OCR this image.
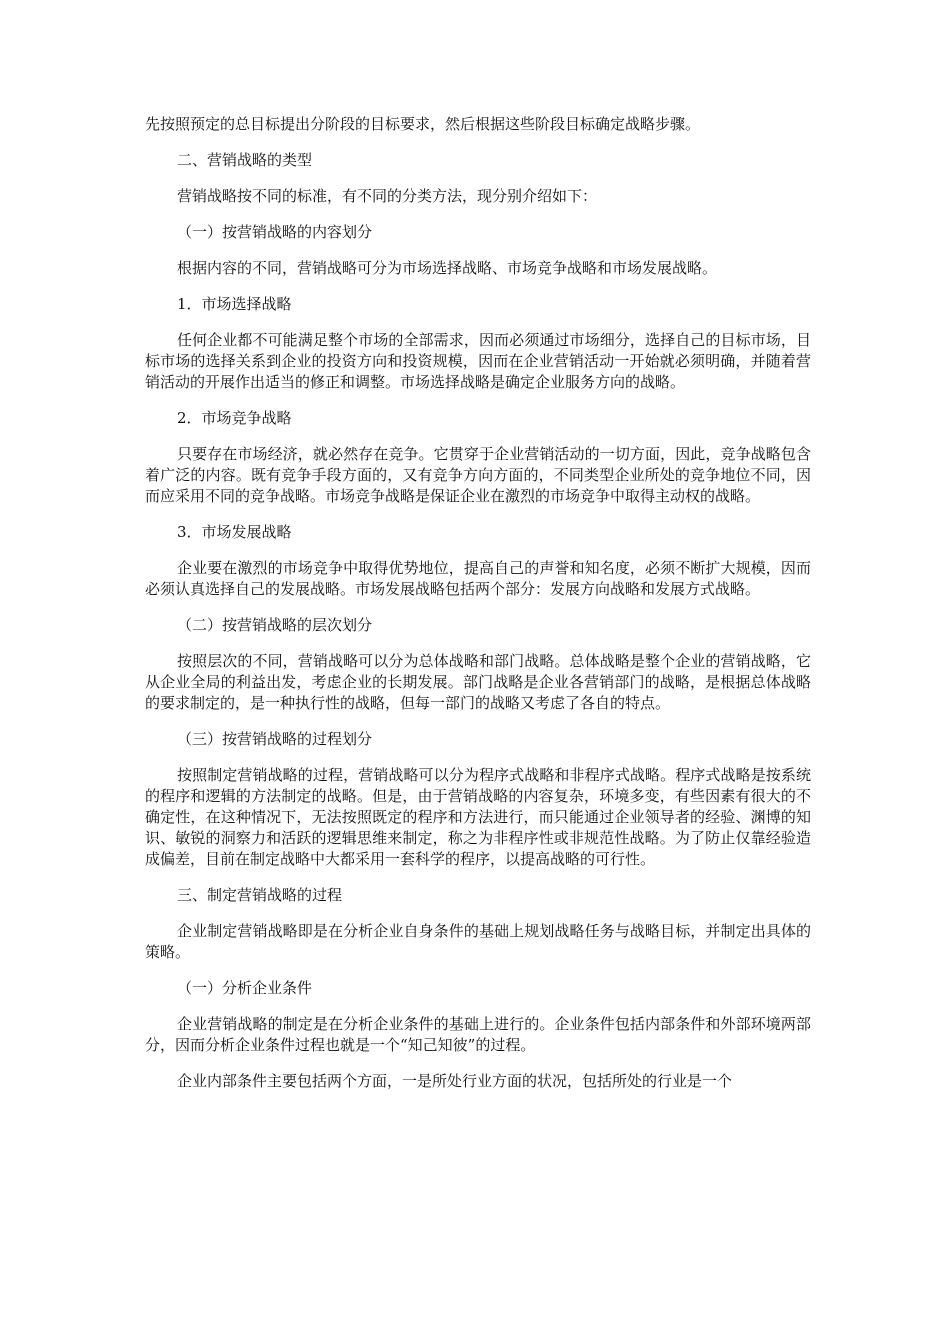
先按照预定的总目标提出分阶段的目标要求，然后根据这些阶段目标确定战略步骤。

二、营销战略的类型

营销战略按不同的标准，有不同的分类方法，现分别介绍如下：

（一）按营销战略的内容划分

根据内容的不同，营销战略可分为市场选择战略、市场竞争战略和市场发展战略。

1．市场选择战略

任何企业都不可能满足整个市场的全部需求，因而必须通过市场细分，选择自己的目标市场，目标市场的选择关系到企业的投资方向和投资规模，因而在企业营销活动一开始就必须明确，并随着营销活动的开展作出适当的修正和调整。市场选择战略是确定企业服务方向的战略。

2．市场竞争战略

只要存在市场经济，就必然存在竞争。它贯穿于企业营销活动的一切方面，因此，竞争战略包含着广泛的内容。既有竞争手段方面的，又有竞争方向方面的，不同类型企业所处的竞争地位不同，因而应采用不同的竞争战略。市场竞争战略是保证企业在激烈的市场竞争中取得主动权的战略。

3．市场发展战略

企业要在激烈的市场竞争中取得优势地位，提高自己的声誉和知名度，必须不断扩大规模，因而必须认真选择自己的发展战略。市场发展战略包括两个部分：发展方向战略和发展方式战略。

（二）按营销战略的层次划分

按照层次的不同，营销战略可以分为总体战略和部门战略。总体战略是整个企业的营销战略，它从企业全局的利益出发，考虑企业的长期发展。部门战略是企业各营销部门的战略，是根据总体战略的要求制定的，是一种执行性的战略，但每一部门的战略又考虑了各自的特点。

（三）按营销战略的过程划分

按照制定营销战略的过程，营销战略可以分为程序式战略和非程序式战略。程序式战略是按系统的程序和逻辑的方法制定的战略。但是，由于营销战略的内容复杂，环境多变，有些因素有很大的不确定性，在这种情况下，无法按照既定的程序和方法进行，而只能通过企业领导者的经验、渊博的知识、敏锐的洞察力和活跃的逻辑思维来制定，称之为非程序性或非规范性战略。为了防止仅靠经验造成偏差，目前在制定战略中大都采用一套科学的程序，以提高战略的可行性。

三、制定营销战略的过程

企业制定营销战略即是在分析企业自身条件的基础上规划战略任务与战略目标，并制定出具体的策略。

（一）分析企业条件

企业营销战略的制定是在分析企业条件的基础上进行的。企业条件包括内部条件和外部环境两部分，因而分析企业条件过程也就是一个“知己知彼”的过程。

企业内部条件主要包括两个方面，一是所处行业方面的状况，包括所处的行业是一个
